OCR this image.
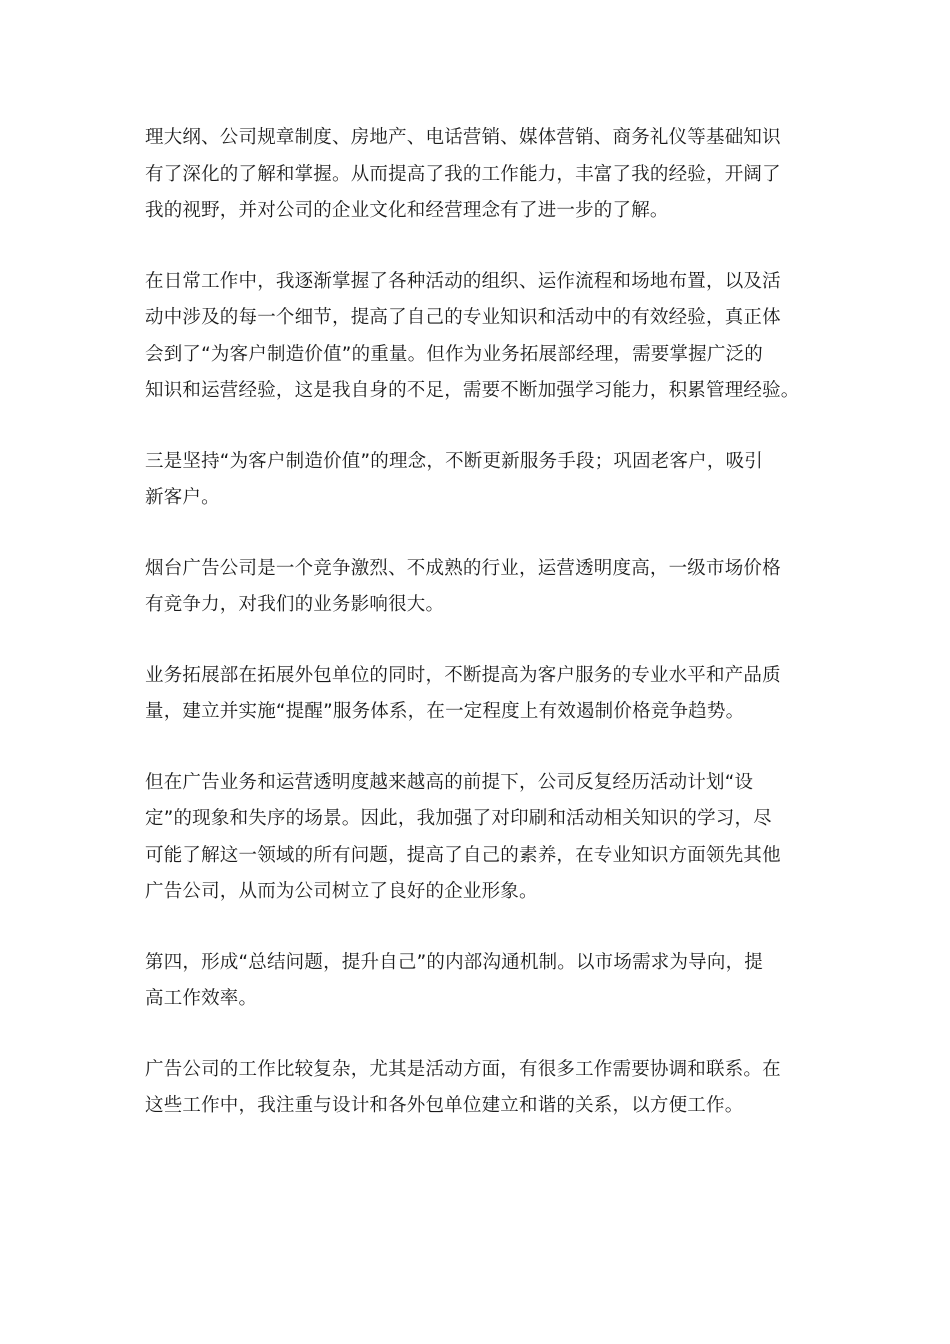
理大纲、公司规章制度、房地产、电话营销、媒体营销、商务礼仪等基础知识
有了深化的了解和掌握。从而提高了我的工作能力，丰富了我的经验，开阔了
我的视野，并对公司的企业文化和经营理念有了进一步的了解。

在日常工作中，我逐渐掌握了各种活动的组织、运作流程和场地布置，以及活
动中涉及的每一个细节，提高了自己的专业知识和活动中的有效经验，真正体
会到了“为客户制造价值”的重量。但作为业务拓展部经理，需要掌握广泛的
知识和运营经验，这是我自身的不足，需要不断加强学习能力，积累管理经验。

三是坚持“为客户制造价值”的理念，不断更新服务手段；巩固老客户，吸引
新客户。

烟台广告公司是一个竞争激烈、不成熟的行业，运营透明度高，一级市场价格
有竞争力，对我们的业务影响很大。

业务拓展部在拓展外包单位的同时，不断提高为客户服务的专业水平和产品质
量，建立并实施“提醒”服务体系，在一定程度上有效遏制价格竞争趋势。

但在广告业务和运营透明度越来越高的前提下，公司反复经历活动计划“设
定”的现象和失序的场景。因此，我加强了对印刷和活动相关知识的学习，尽
可能了解这一领域的所有问题，提高了自己的素养，在专业知识方面领先其他
广告公司，从而为公司树立了良好的企业形象。

第四，形成“总结问题，提升自己”的内部沟通机制。以市场需求为导向，提
高工作效率。

广告公司的工作比较复杂，尤其是活动方面，有很多工作需要协调和联系。在
这些工作中，我注重与设计和各外包单位建立和谐的关系，以方便工作。
